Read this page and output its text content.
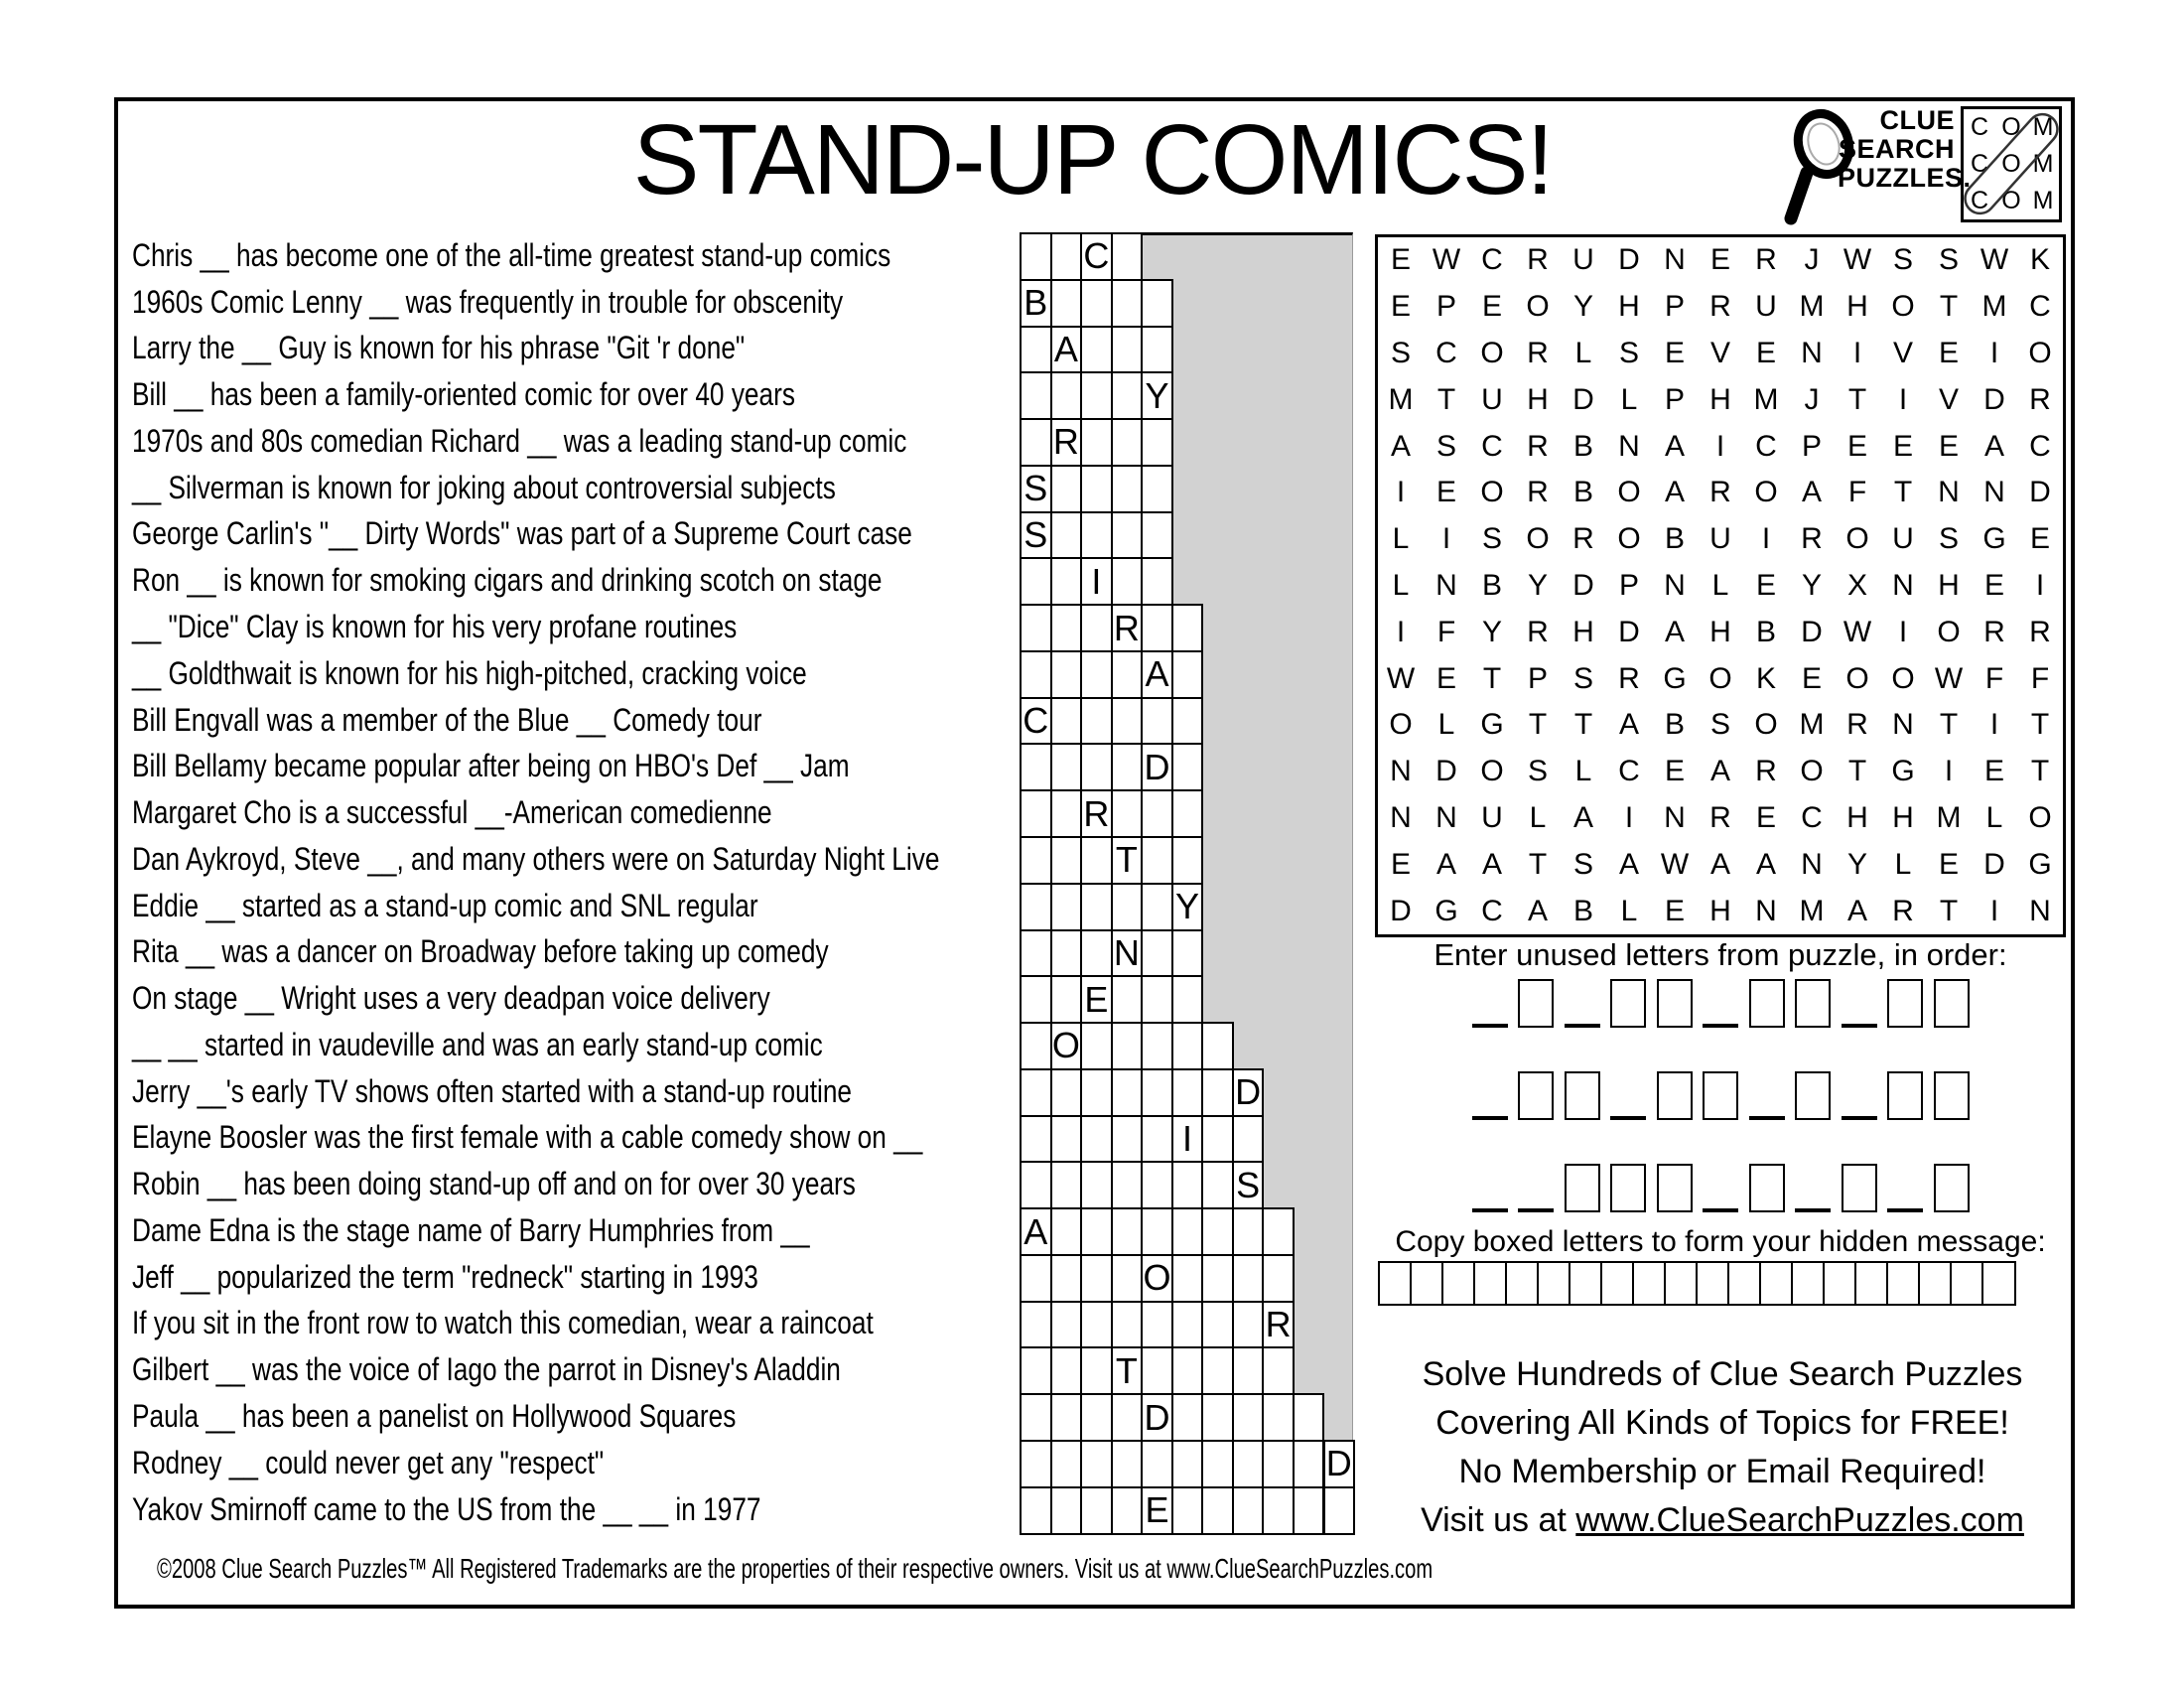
STAND-UP COMICS!	CLUE
SEARCH
PUZZLES.
C O M
C O M
C O M
Chris __ has become one of the all-time greatest stand-up comics
1960s Comic Lenny __ was frequently in trouble for obscenity
Larry the __ Guy is known for his phrase "Git 'r done"
Bill __ has been a family-oriented comic for over 40 years
1970s and 80s comedian Richard __ was a leading stand-up comic
__ Silverman is known for joking about controversial subjects
George Carlin's "__ Dirty Words" was part of a Supreme Court case
Ron __ is known for smoking cigars and drinking scotch on stage
__ "Dice" Clay is known for his very profane routines
__ Goldthwait is known for his high-pitched, cracking voice
Bill Engvall was a member of the Blue __ Comedy tour
Bill Bellamy became popular after being on HBO's Def __ Jam
Margaret Cho is a successful __-American comedienne
Dan Aykroyd, Steve __, and many others were on Saturday Night Live
Eddie __ started as a stand-up comic and SNL regular
Rita __ was a dancer on Broadway before taking up comedy
On stage __ Wright uses a very deadpan voice delivery
__ __ started in vaudeville and was an early stand-up comic
Jerry __'s early TV shows often started with a stand-up routine
Elayne Boosler was the first female with a cable comedy show on __
Robin __ has been doing stand-up off and on for over 30 years
Dame Edna is the stage name of Barry Humphries from __
Jeff __ popularized the term "redneck" starting in 1993
If you sit in the front row to watch this comedian, wear a raincoat
Gilbert __ was the voice of Iago the parrot in Disney's Aladdin
Paula __ has been a panelist on Hollywood Squares
Rodney __ could never get any "respect"
Yakov Smirnoff came to the US from the __ __ in 1977
C
B
A
Y
R
S
S
I
R
A
C
D
R
T
Y
N
E
O
D
I
S
A
O
R
T
D
D
E
E W C R U D N E R J W S S W K
E P E O Y H P R U M H O T M C
S C O R L S E V E N I V E I O
M T U H D L P H M J T I V D R
A S C R B N A I C P E E E A C
I E O R B O A R O A F T N N D
L I S O R O B U I R O U S G E
L N B Y D P N L E Y X N H E I
I F Y R H D A H B D W I O R R
W E T P S R G O K E O O W F F
O L G T T A B S O M R N T I T
N D O S L C E A R O T G I E T
N N U L A I N R E C H H M L O
E A A T S A W A A N Y L E D G
D G C A B L E H N M A R T I N
Enter unused letters from puzzle, in order:
Copy boxed letters to form your hidden message:
Solve Hundreds of Clue Search Puzzles
Covering All Kinds of Topics for FREE!
No Membership or Email Required!
Visit us at www.ClueSearchPuzzles.com
©2008 Clue Search Puzzles™ All Registered Trademarks are the properties of their respective owners. Visit us at www.ClueSearchPuzzles.com
